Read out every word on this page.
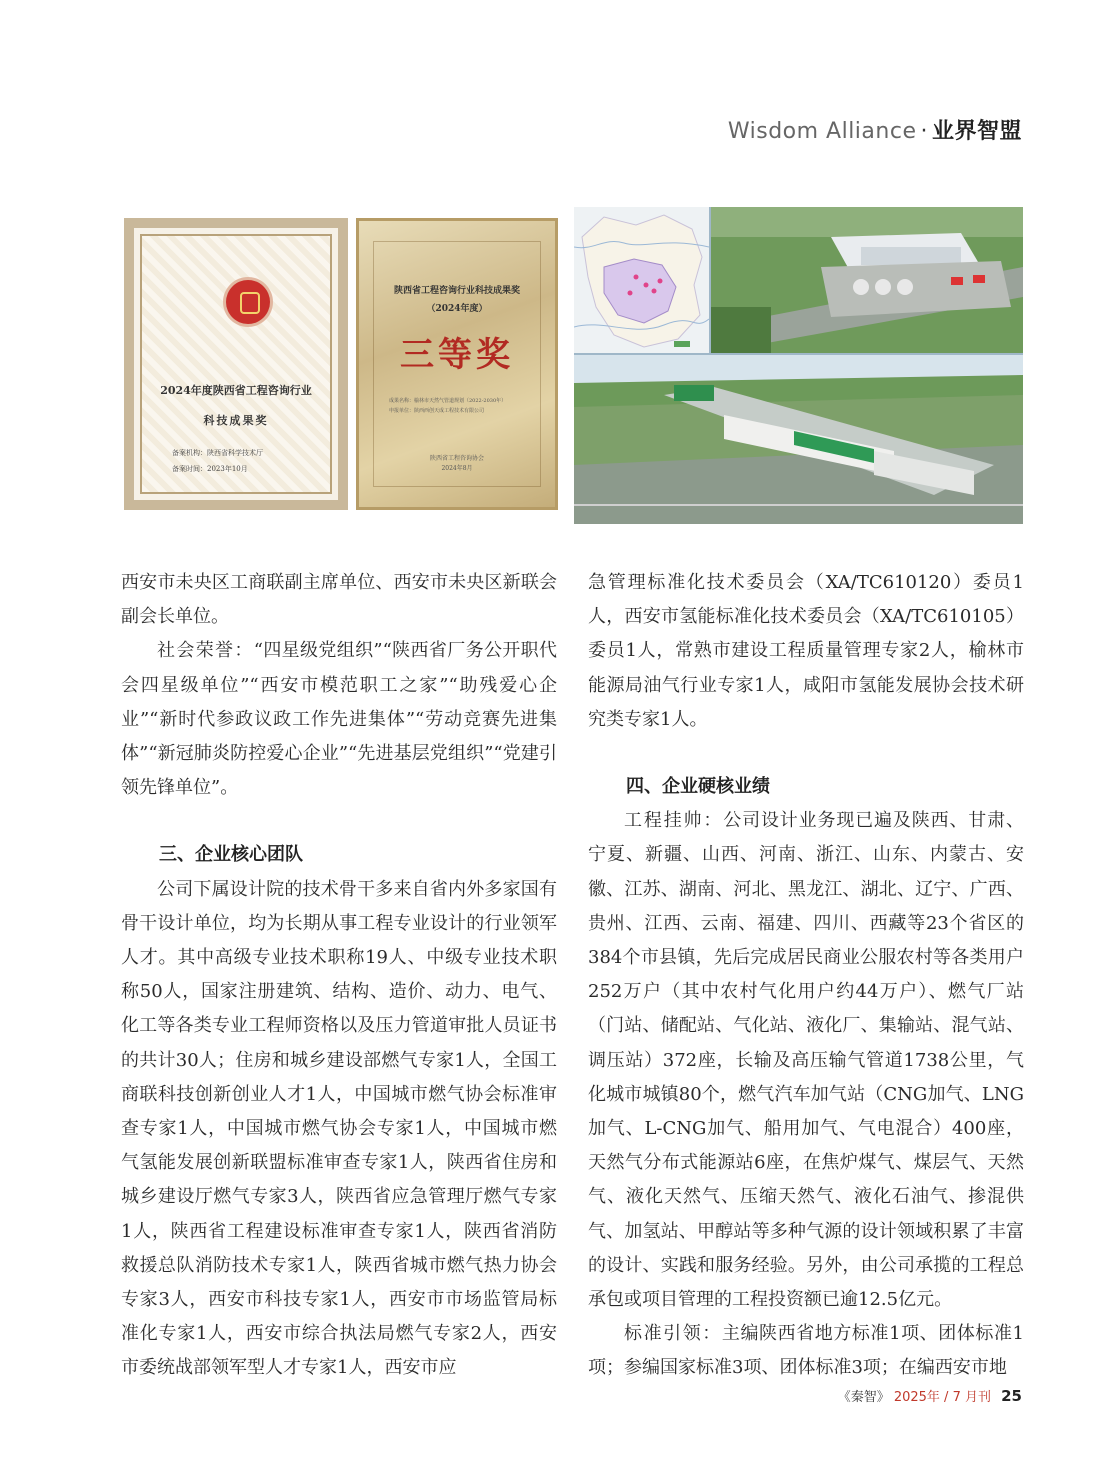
Wisdom Alliance · 业界智盟
2024年度陕西省工程咨询行业
科技成果奖
备案机构：陕西省科学技术厅
备案时间：2023年10月
陕西省工程咨询行业科技成果奖
（2024年度）
三等奖
成果名称：榆林市天然气管道规划（2022-2030年）
申报单位：陕西西创天成工程技术有限公司
陕西省工程咨询协会
2024年8月

西安市未央区工商联副主席单位、西安市未央区新联会副会长单位。

社会荣誉：“四星级党组织”“陕西省厂务公开职代会四星级单位”“西安市模范职工之家”“助残爱心企业”“新时代参政议政工作先进集体”“劳动竞赛先进集体”“新冠肺炎防控爱心企业”“先进基层党组织”“党建引领先锋单位”。

三、企业核心团队

公司下属设计院的技术骨干多来自省内外多家国有骨干设计单位，均为长期从事工程专业设计的行业领军人才。其中高级专业技术职称19人、中级专业技术职称50人，国家注册建筑、结构、造价、动力、电气、化工等各类专业工程师资格以及压力管道审批人员证书的共计30人；住房和城乡建设部燃气专家1人，全国工商联科技创新创业人才1人，中国城市燃气协会标准审查专家1人，中国城市燃气协会专家1人，中国城市燃气氢能发展创新联盟标准审查专家1人，陕西省住房和城乡建设厅燃气专家3人，陕西省应急管理厅燃气专家1人，陕西省工程建设标准审查专家1人，陕西省消防救援总队消防技术专家1人，陕西省城市燃气热力协会专家3人，西安市科技专家1人，西安市市场监管局标准化专家1人，西安市综合执法局燃气专家2人，西安市委统战部领军型人才专家1人，西安市应

急管理标准化技术委员会（XA/TC610120）委员1人，西安市氢能标准化技术委员会（XA/TC610105）委员1人，常熟市建设工程质量管理专家2人，榆林市能源局油气行业专家1人，咸阳市氢能发展协会技术研究类专家1人。

四、企业硬核业绩

工程挂帅：公司设计业务现已遍及陕西、甘肃、宁夏、新疆、山西、河南、浙江、山东、内蒙古、安徽、江苏、湖南、河北、黑龙江、湖北、辽宁、广西、贵州、江西、云南、福建、四川、西藏等23个省区的384个市县镇，先后完成居民商业公服农村等各类用户252万户（其中农村气化用户约44万户）、燃气厂站（门站、储配站、气化站、液化厂、集输站、混气站、调压站）372座，长输及高压输气管道1738公里，气化城市城镇80个，燃气汽车加气站（CNG加气、LNG加气、L-CNG加气、船用加气、气电混合）400座，天然气分布式能源站6座，在焦炉煤气、煤层气、天然气、液化天然气、压缩天然气、液化石油气、掺混供气、加氢站、甲醇站等多种气源的设计领域积累了丰富的设计、实践和服务经验。另外，由公司承揽的工程总承包或项目管理的工程投资额已逾12.5亿元。

标准引领：主编陕西省地方标准1项、团体标准1项；参编国家标准3项、团体标准3项；在编西安市地

《秦智》 2025年 / 7 月刊 25
